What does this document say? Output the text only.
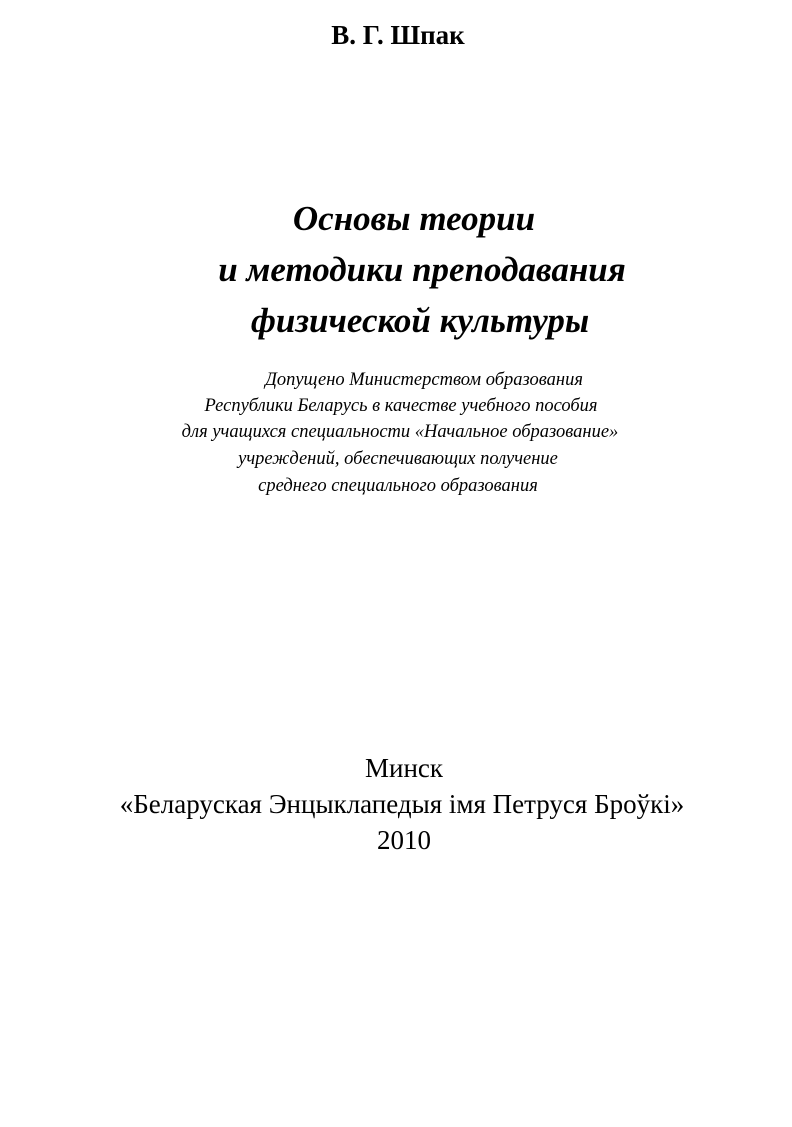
В. Г. Шпак
Основы теории
и методики преподавания
физической культуры
Допущено Министерством образования
Республики Беларусь в качестве учебного пособия
для учащихся специальности «Начальное образование»
учреждений, обеспечивающих получение
среднего специального образования
Минск
«Беларуская Энцыклапедыя імя Петруся Броўкі»
2010
